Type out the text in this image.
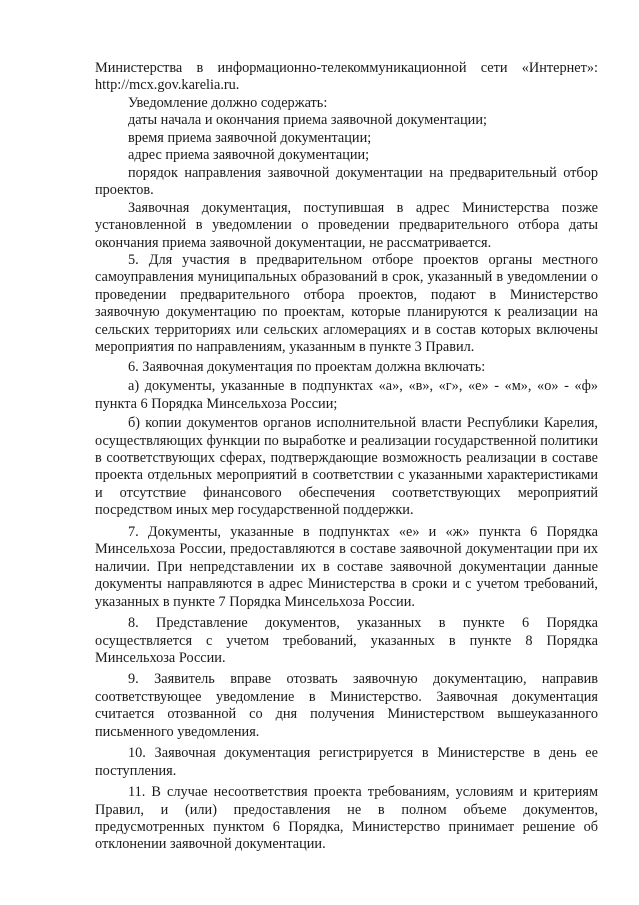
Министерства в информационно-телекоммуникационной сети «Интернет»: http://mcx.gov.karelia.ru.

Уведомление должно содержать:

даты начала и окончания приема заявочной документации;

время приема заявочной документации;

адрес приема заявочной документации;

порядок направления заявочной документации на предварительный отбор проектов.

Заявочная документация, поступившая в адрес Министерства позже установленной в уведомлении о проведении предварительного отбора даты окончания приема заявочной документации, не рассматривается.

5. Для участия в предварительном отборе проектов органы местного самоуправления муниципальных образований в срок, указанный в уведомлении о проведении предварительного отбора проектов, подают в Министерство заявочную документацию по проектам, которые планируются к реализации на сельских территориях или сельских агломерациях и в состав которых включены мероприятия по направлениям, указанным в пункте 3 Правил.

6. Заявочная документация по проектам должна включать:

а) документы, указанные в подпунктах «а», «в», «г», «е» - «м», «о» - «ф» пункта 6 Порядка Минсельхоза России;

б) копии документов органов исполнительной власти Республики Карелия, осуществляющих функции по выработке и реализации государственной политики в соответствующих сферах, подтверждающие возможность реализации в составе проекта отдельных мероприятий в соответствии с указанными характеристиками и отсутствие финансового обеспечения соответствующих мероприятий посредством иных мер государственной поддержки.

7. Документы, указанные в подпунктах «е» и «ж» пункта 6 Порядка Минсельхоза России, предоставляются в составе заявочной документации при их наличии. При непредставлении их в составе заявочной документации данные документы направляются в адрес Министерства в сроки и с учетом требований, указанных в пункте 7 Порядка Минсельхоза России.

8. Представление документов, указанных в пункте 6 Порядка осуществляется с учетом требований, указанных в пункте 8 Порядка Минсельхоза России.

9. Заявитель вправе отозвать заявочную документацию, направив соответствующее уведомление в Министерство. Заявочная документация считается отозванной со дня получения Министерством вышеуказанного письменного уведомления.

10. Заявочная документация регистрируется в Министерстве в день ее поступления.

11. В случае несоответствия проекта требованиям, условиям и критериям Правил, и (или) предоставления не в полном объеме документов, предусмотренных пунктом 6 Порядка, Министерство принимает решение об отклонении заявочной документации.
